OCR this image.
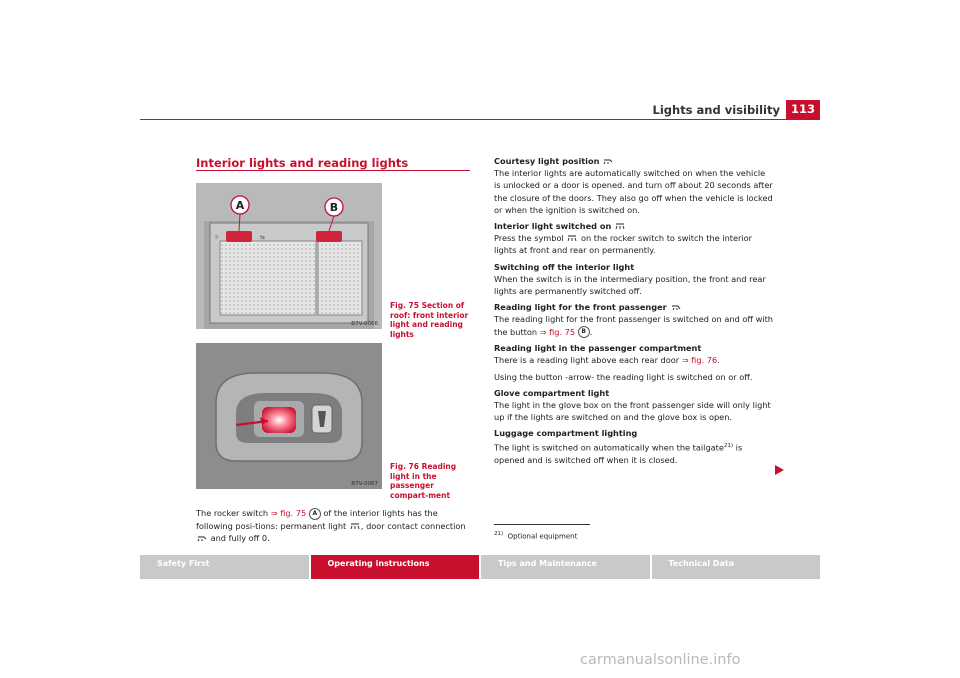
Lights and visibility 113
Interior lights and reading lights
⇆
☼
A	B
B7V-0066
Fig. 75 Section of roof: front interior light and reading lights
B7V-0067
Fig. 76 Reading light in the passenger compart-ment
The rocker switch ⇒ fig. 75 A of the interior lights has the following posi-tions: permanent light , door contact connection  and fully off 0.
Courtesy light position
The interior lights are automatically switched on when the vehicle is unlocked or a door is opened. and turn off about 20 seconds after the closure of the doors. They also go off when the vehicle is locked or when the ignition is switched on.
Interior light switched on
Press the symbol  on the rocker switch to switch the interior lights at front and rear on permanently.
Switching off the interior light
When the switch is in the intermediary position, the front and rear lights are permanently switched off.
Reading light for the front passenger
The reading light for the front passenger is switched on and off with the button ⇒ fig. 75 B .
Reading light in the passenger compartment
There is a reading light above each rear door ⇒ fig. 76.
Using the button -arrow- the reading light is switched on or off.
Glove compartment light
The light in the glove box on the front passenger side will only light up if the lights are switched on and the glove box is open.
Luggage compartment lighting
The light is switched on automatically when the tailgate$^{21)}$ is opened and is switched off when it is closed.
$^{21)}$ Optional equipment
Safety First	Operating instructions	Tips and Maintenance	Technical Data
carmanualsonline.info
